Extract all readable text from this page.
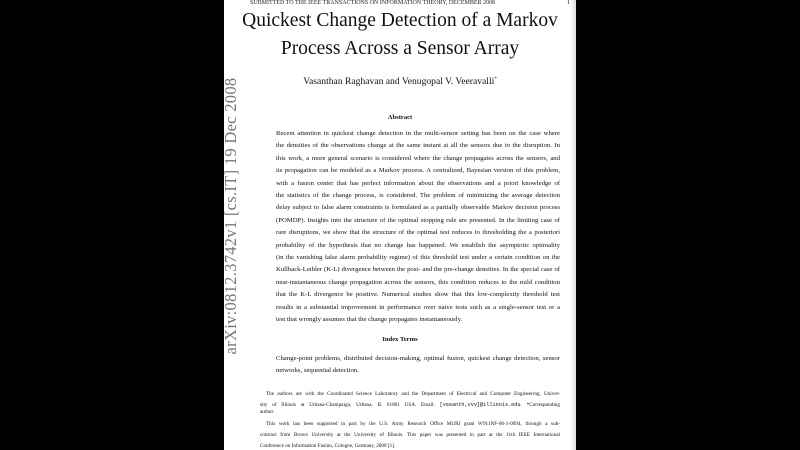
arXiv:0812.3742v1 [cs.IT] 19 Dec 2008
SUBMITTED TO THE IEEE TRANSACTIONS ON INFORMATION THEORY, DECEMBER 2008	1
Quickest Change Detection of a Markov
Process Across a Sensor Array
Vasanthan Raghavan and Venugopal V. Veeravalli*
Abstract
Recent attention in quickest change detection in the multi-sensor setting has been on the case where
the densities of the observations change at the same instant at all the sensors due to the disruption. In
this work, a more general scenario is considered where the change propagates across the sensors, and
its propagation can be modeled as a Markov process. A centralized, Bayesian version of this problem,
with a fusion center that has perfect information about the observations and a priori knowledge of
the statistics of the change process, is considered. The problem of minimizing the average detection
delay subject to false alarm constraints is formulated as a partially observable Markov decision process
(POMDP). Insights into the structure of the optimal stopping rule are presented. In the limiting case of
rare disruptions, we show that the structure of the optimal test reduces to thresholding the a posteriori
probability of the hypothesis that no change has happened. We establish the asymptotic optimality
(in the vanishing false alarm probability regime) of this threshold test under a certain condition on the
Kullback-Leibler (K-L) divergence between the post- and the pre-change densities. In the special case of
near-instantaneous change propagation across the sensors, this condition reduces to the mild condition
that the K-L divergence be positive. Numerical studies show that this low-complexity threshold test
results in a substantial improvement in performance over naive tests such as a single-sensor test or a
test that wrongly assumes that the change propagates instantaneously.
Index Terms
Change-point problems, distributed decision-making, optimal fusion, quickest change detection, sensor
networks, sequential detection.
The authors are with the Coordinated Science Laboratory and the Department of Electrical and Computer Engineering, Univer-
sity of Illinois at Urbana-Champaign, Urbana, IL 61801 USA. Email: [vasanth,vvv]@illinois.edu. *Corresponding
author.
This work has been supported in part by the U.S. Army Research Office MURI grant W911NF-06-1-0094, through a sub-
contract from Brown University at the University of Illinois. This paper was presented in part at the 11th IEEE International
Conference on Information Fusion, Cologne, Germany, 2008 [1].
